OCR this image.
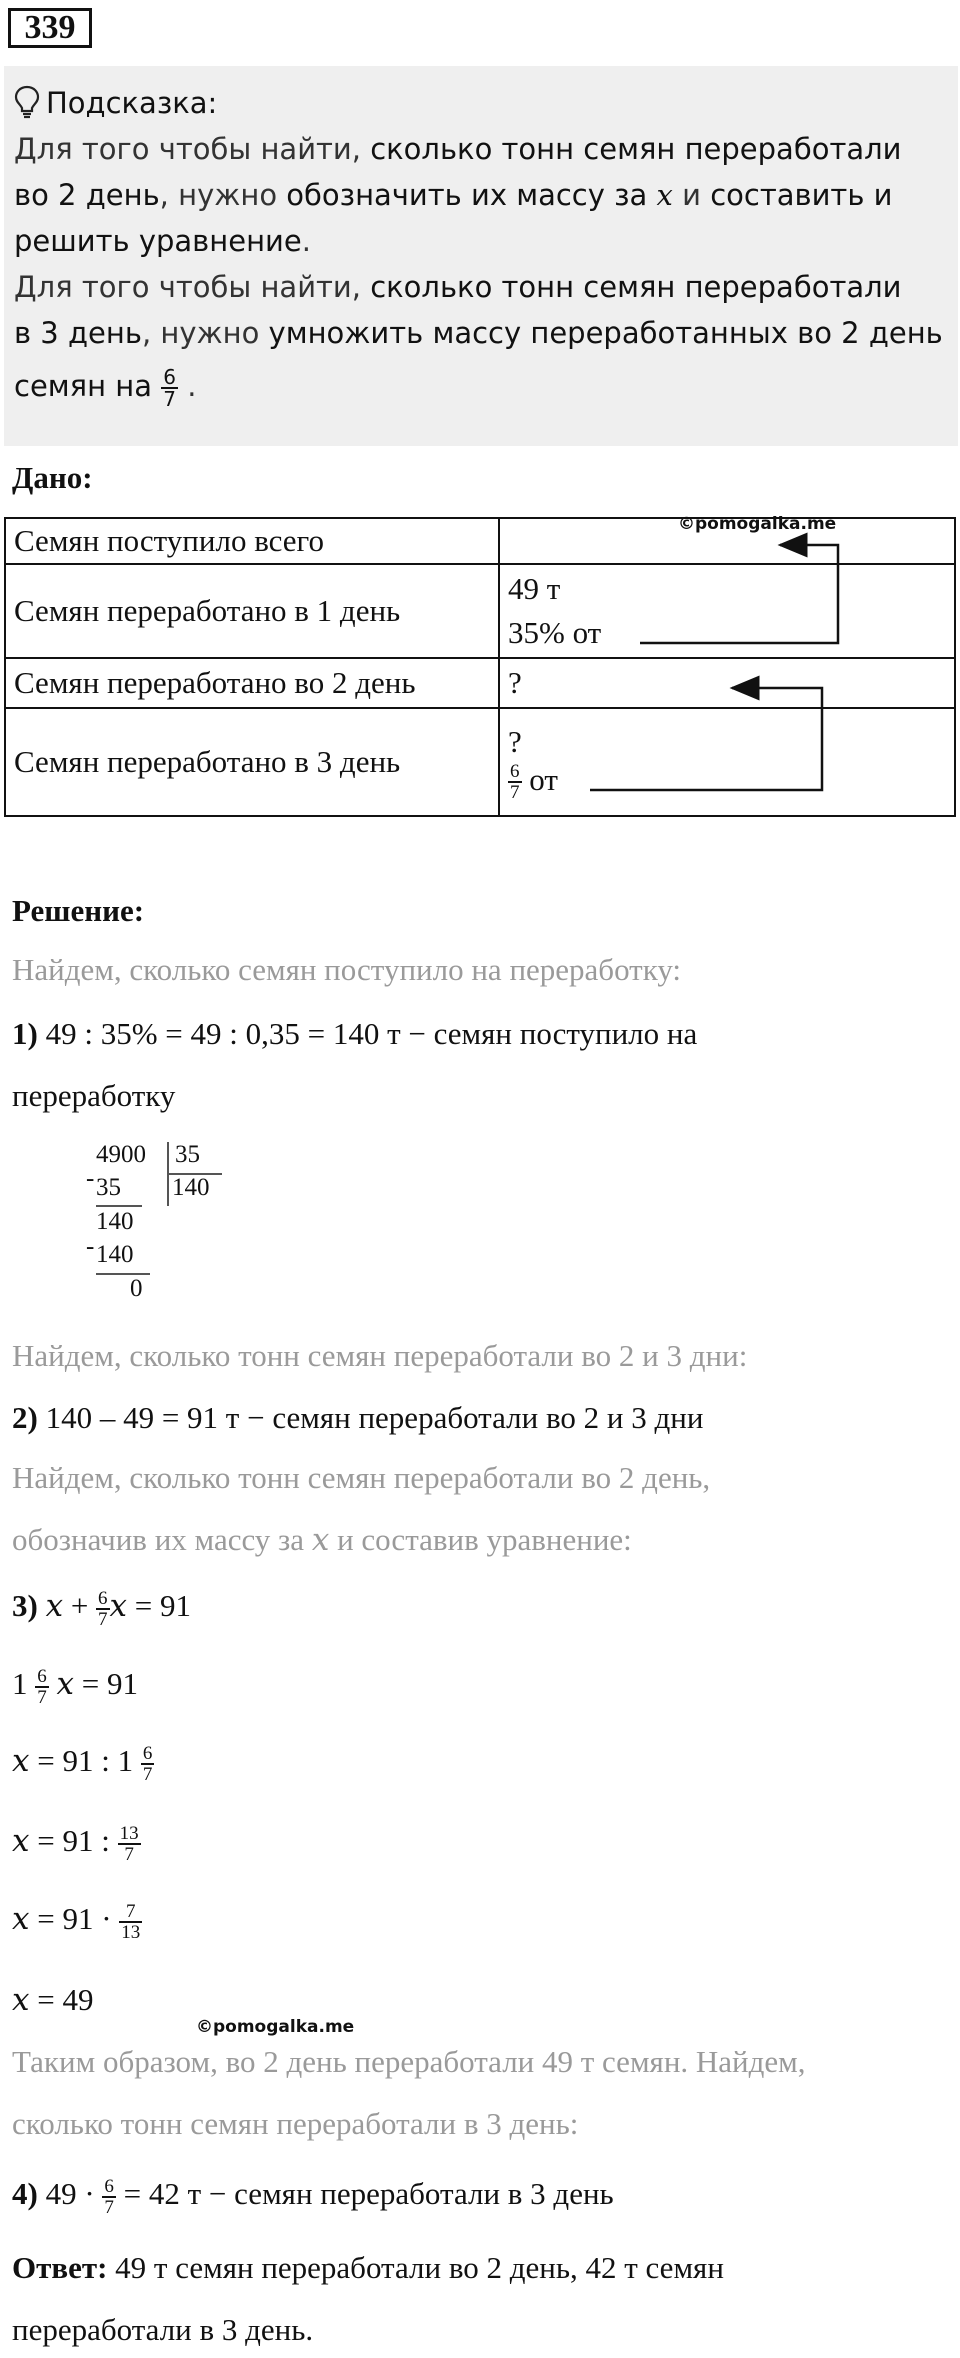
339
Подсказка:
Для того чтобы найти, сколько тонн семян переработали
во 2 день, нужно обозначить их массу за x и составить и
решить уравнение.
Для того чтобы найти, сколько тонн семян переработали
в 3 день, нужно умножить массу переработанных во 2 день
семян на $\frac{6}{7}$ .
Дано:
Семян поступило всего	
Семян переработано в 1 день	49 т
35% от

Семян переработано во 2 день	?
Семян переработано в 3 день	?
$\frac{6}{7}$ от
©pomogalka.me
Решение:
Найдем, сколько семян поступило на переработку:
1) 49 : 35% = 49 : 0,35 = 140 т − семян поступило на
переработку
4900 35
- 35 140
140
- 140
0
Найдем, сколько тонн семян переработали во 2 и 3 дни:
2) 140 – 49 = 91 т − семян переработали во 2 и 3 дни
Найдем, сколько тонн семян переработали во 2 день,
обозначив их массу за x и составив уравнение:
3) $x + \frac{6}{7}$ x = 91
$1 \frac{6}{7}$ x = 91
x = 91 : $1 \frac{6}{7}$
x = 91 : $\frac{13}{7}$
$x = 91 \cdot \frac{7}{13}$
x = 49
©pomogalka.me
Таким образом, во 2 день переработали 49 т семян. Найдем,
сколько тонн семян переработали в 3 день:
4) $49 \cdot \frac{6}{7} = 42$ т − семян переработали в 3 день
Ответ: 49 т семян переработали во 2 день, 42 т семян
переработали в 3 день.
